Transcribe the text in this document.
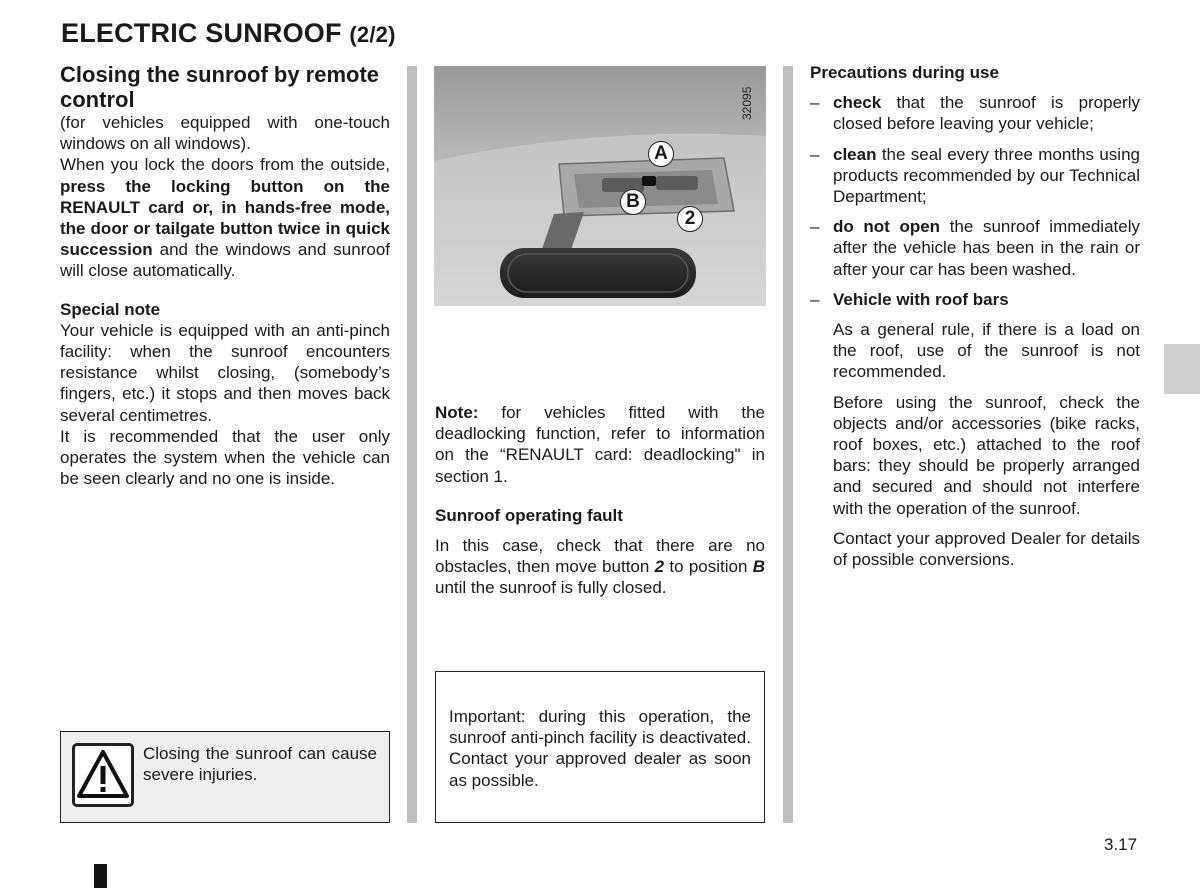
ELECTRIC SUNROOF (2/2)

Closing the sunroof by remote control

(for vehicles equipped with one-touch windows on all windows).

When you lock the doors from the outside, press the locking button on the RENAULT card or, in hands-free mode, the door or tailgate button twice in quick succession and the windows and sunroof will close automatically.

Special note

Your vehicle is equipped with an anti-pinch facility: when the sunroof encounters resistance whilst closing, (somebody’s fingers, etc.) it stops and then moves back several centimetres.

It is recommended that the user only operates the system when the vehicle can be seen clearly and no one is inside.

Closing the sunroof can cause severe injuries.

A
B
2
32095

Note: for vehicles fitted with the deadlocking function, refer to information on the “RENAULT card: deadlocking" in section 1.

Sunroof operating fault

In this case, check that there are no obstacles, then move button 2 to position B until the sunroof is fully closed.

Important: during this operation, the sunroof anti-pinch facility is deactivated. Contact your approved dealer as soon as possible.

Precautions during use

– check that the sunroof is properly closed before leaving your vehicle;
– clean the seal every three months using products recommended by our Technical Department;
– do not open the sunroof immediately after the vehicle has been in the rain or after your car has been washed.
– Vehicle with roof bars

As a general rule, if there is a load on the roof, use of the sunroof is not recommended.

Before using the sunroof, check the objects and/or accessories (bike racks, roof boxes, etc.) attached to the roof bars: they should be properly arranged and secured and should not interfere with the operation of the sunroof.

Contact your approved Dealer for details of possible conversions.

3.17
